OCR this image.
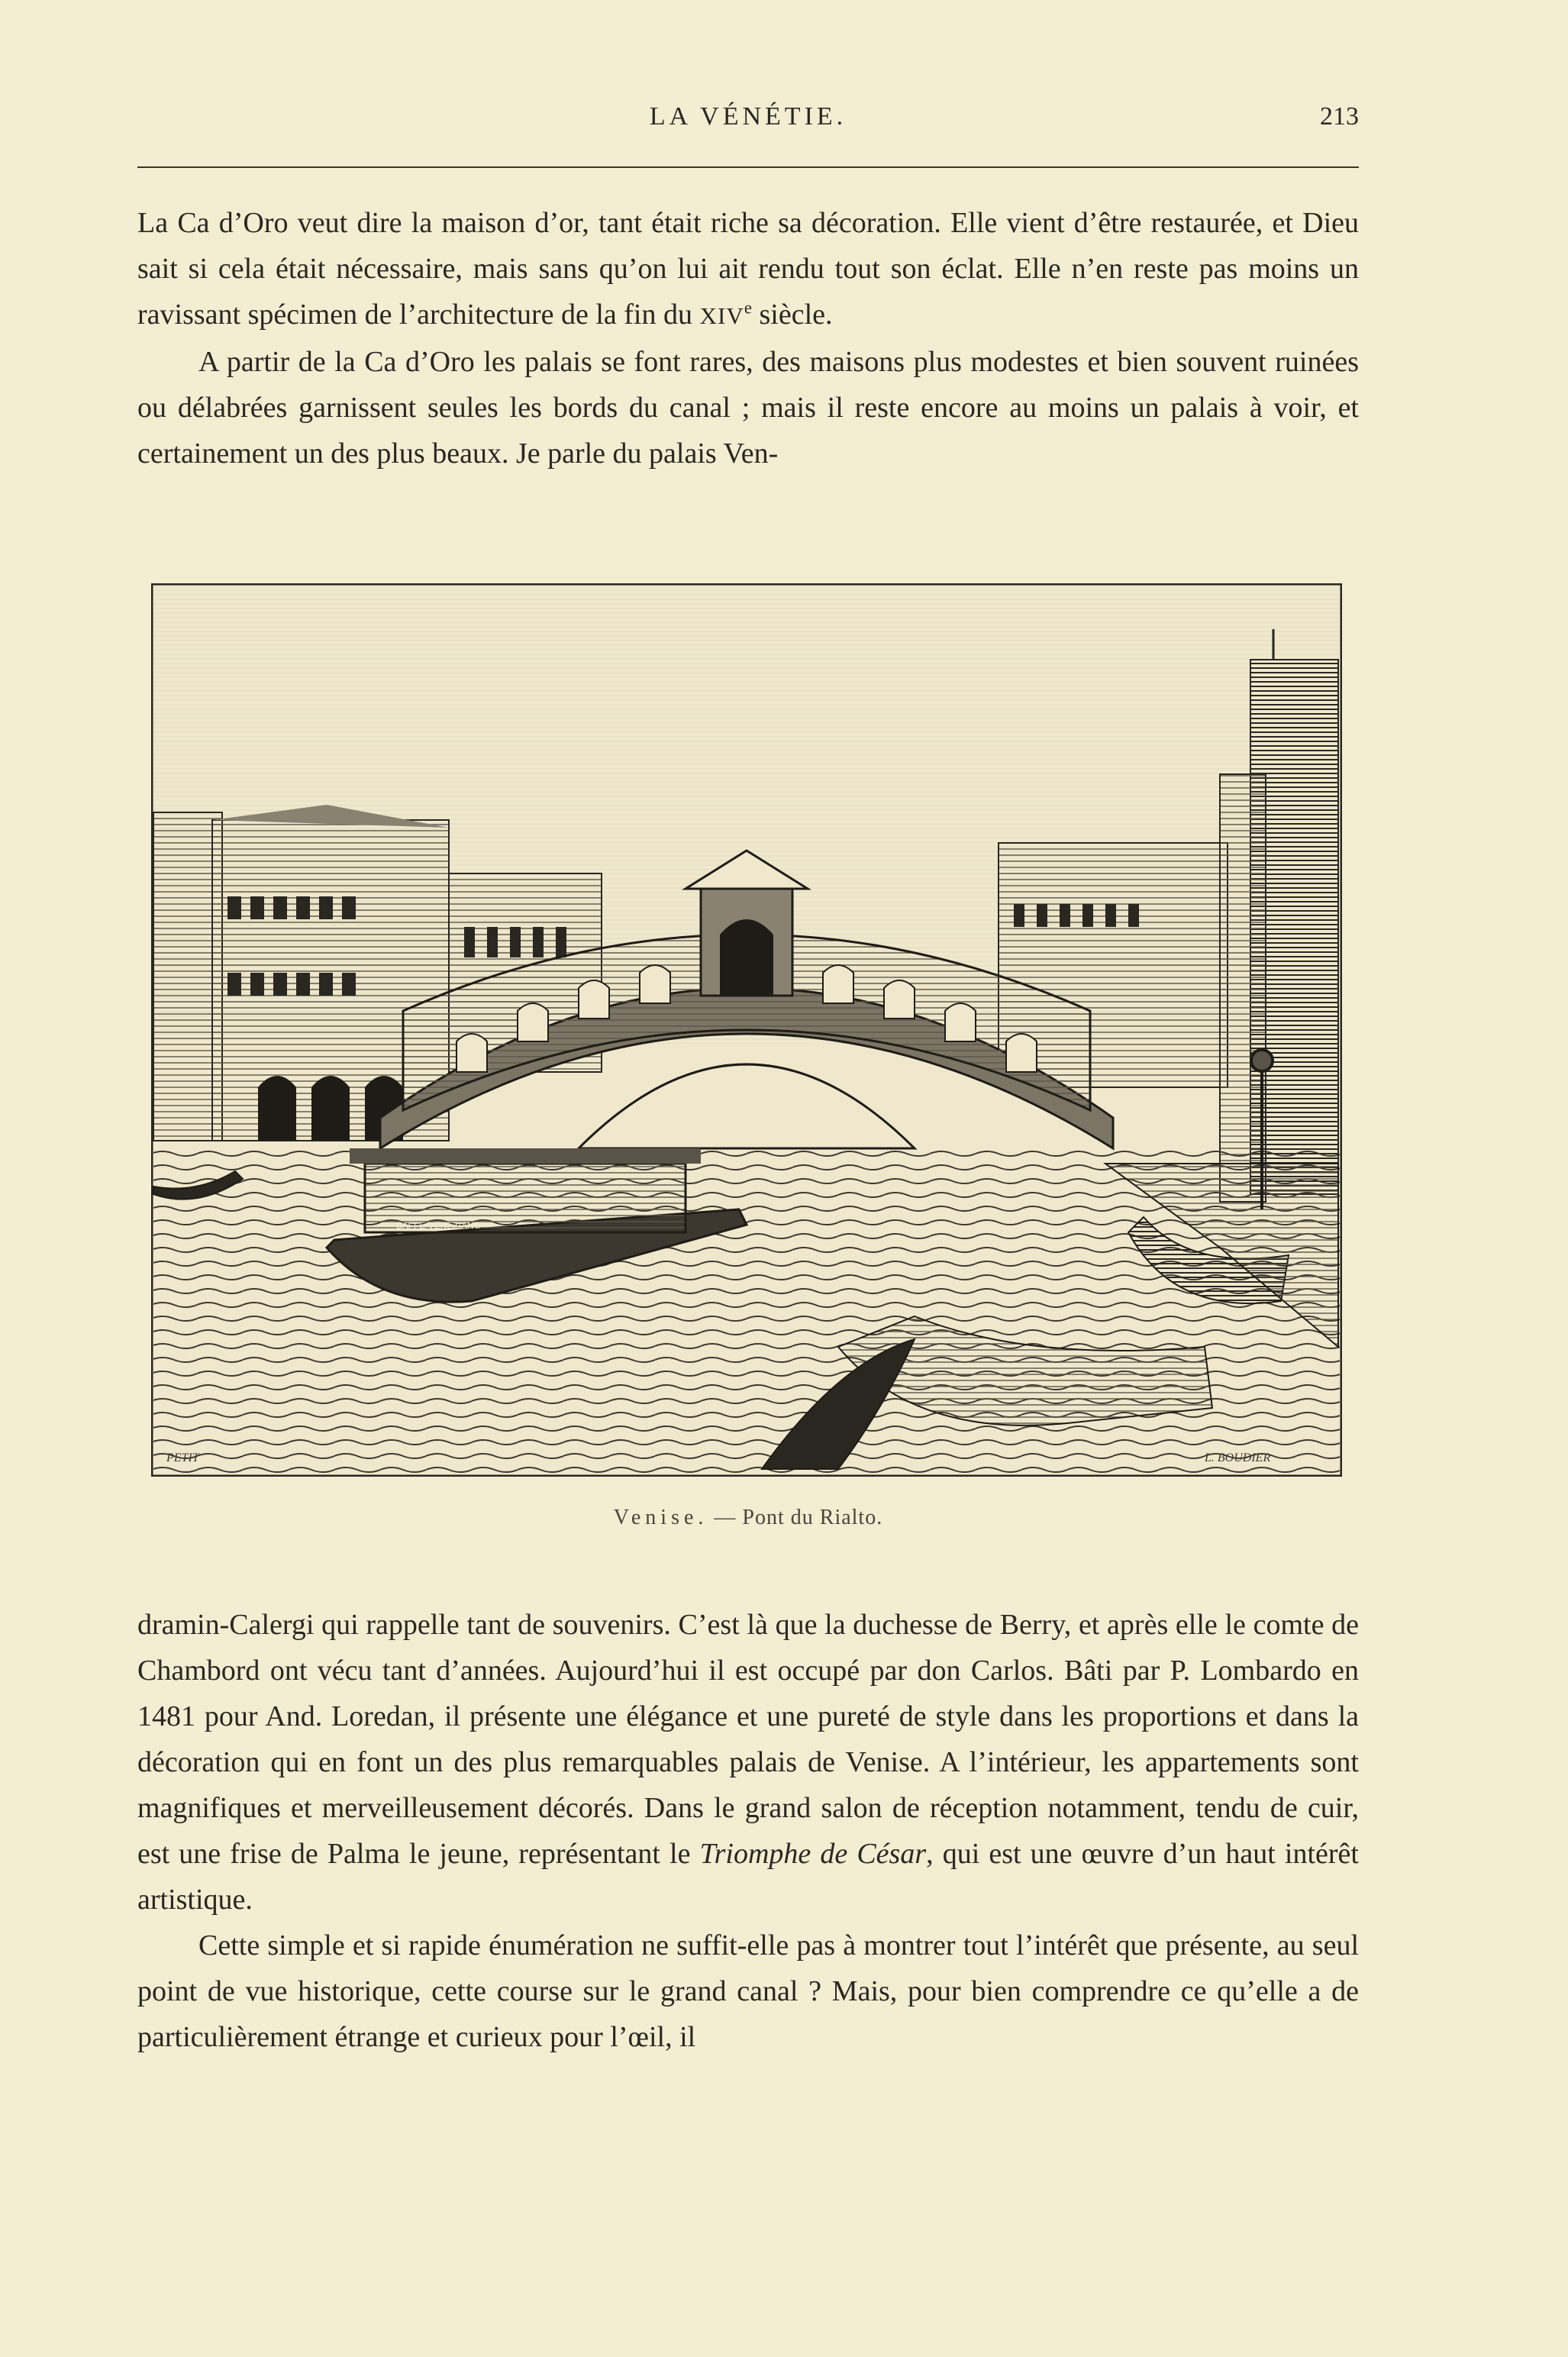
LA VÉNÉTIE.	213

La Ca d’Oro veut dire la maison d’or, tant était riche sa décoration. Elle vient d’être restaurée, et Dieu sait si cela était nécessaire, mais sans qu’on lui ait rendu tout son éclat. Elle n’en reste pas moins un ravissant spécimen de l’architecture de la fin du XIVe siècle.

A partir de la Ca d’Oro les palais se font rares, des maisons plus modestes et bien souvent ruinées ou délabrées garnissent seules les bords du canal ; mais il reste encore au moins un palais à voir, et certainement un des plus beaux. Je parle du palais Ven-

CAFFE VENEZIANO
PETIT	L. BOUDIER
Venise. — Pont du Rialto.

dramin-Calergi qui rappelle tant de souvenirs. C’est là que la duchesse de Berry, et après elle le comte de Chambord ont vécu tant d’années. Aujourd’hui il est occupé par don Carlos. Bâti par P. Lombardo en 1481 pour And. Loredan, il présente une élégance et une pureté de style dans les proportions et dans la décoration qui en font un des plus remarquables palais de Venise. A l’intérieur, les appartements sont magnifiques et merveilleusement décorés. Dans le grand salon de réception notamment, tendu de cuir, est une frise de Palma le jeune, représentant le Triomphe de César, qui est une œuvre d’un haut intérêt artistique.

Cette simple et si rapide énumération ne suffit-elle pas à montrer tout l’intérêt que présente, au seul point de vue historique, cette course sur le grand canal ? Mais, pour bien comprendre ce qu’elle a de particulièrement étrange et curieux pour l’œil, il
